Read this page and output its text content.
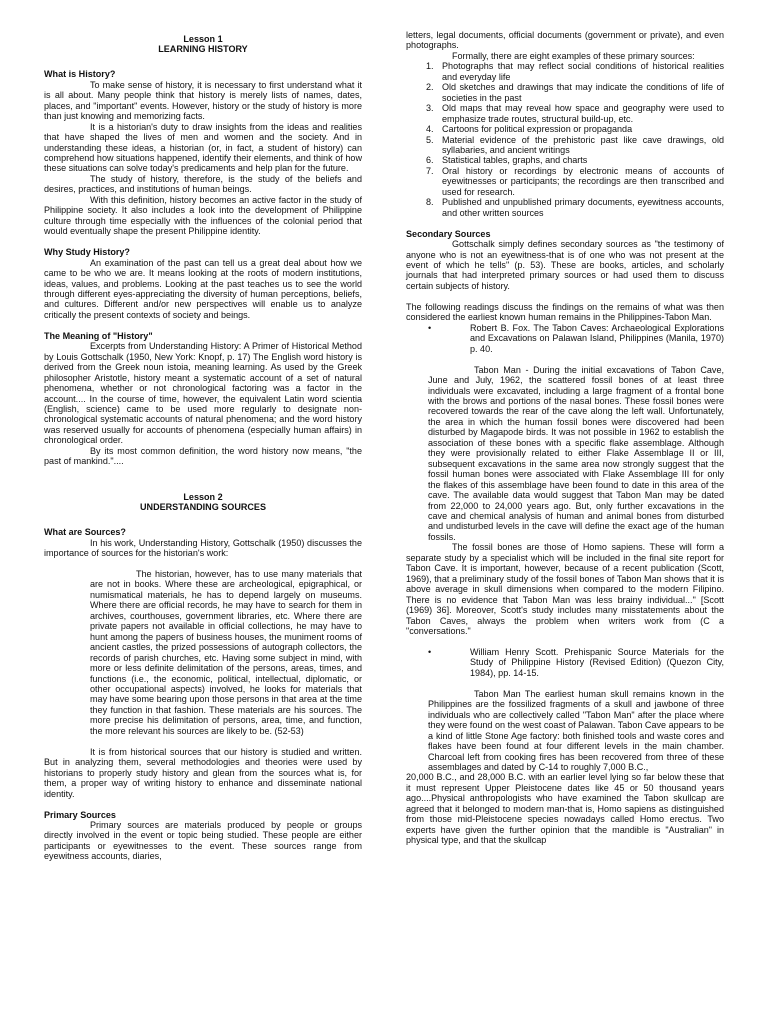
Lesson 1

LEARNING HISTORY

What is History?

To make sense of history, it is necessary to first understand what it is all about. Many people think that history is merely lists of names, dates, places, and "important" events. However, history or the study of history is more than just knowing and memorizing facts.

It is a historian's duty to draw insights from the ideas and realities that have shaped the lives of men and women and the society. And in understanding these ideas, a historian (or, in fact, a student of history) can comprehend how situations happened, identify their elements, and think of how these situations can solve today's predicaments and help plan for the future.

The study of history, therefore, is the study of the beliefs and desires, practices, and institutions of human beings.

With this definition, history becomes an active factor in the study of Philippine society. It also includes a look into the development of Philippine culture through time especially with the influences of the colonial period that would eventually shape the present Philippine identity.

Why Study History?

An examination of the past can tell us a great deal about how we came to be who we are. It means looking at the roots of modern institutions, ideas, values, and problems. Looking at the past teaches us to see the world through different eyes-appreciating the diversity of human perceptions, beliefs, and cultures. Different and/or new perspectives will enable us to analyze critically the present contexts of society and beings.

The Meaning of "History"

Excerpts from Understanding History: A Primer of Historical Method by Louis Gottschalk (1950, New York: Knopf, p. 17) The English word history is derived from the Greek noun istoia, meaning learning. As used by the Greek philosopher Aristotle, history meant a systematic account of a set of natural phenomena, whether or not chronological factoring was a factor in the account.... In the course of time, however, the equivalent Latin word scientia (English, science) came to be used more regularly to designate non-chronological systematic accounts of natural phenomena; and the word history was reserved usually for accounts of phenomena (especially human affairs) in chronological order.

By its most common definition, the word history now means, "the past of mankind."....

Lesson 2

UNDERSTANDING SOURCES

What are Sources?

In his work, Understanding History, Gottschalk (1950) discusses the importance of sources for the historian's work:

The historian, however, has to use many materials that are not in books. Where these are archeological, epigraphical, or numismatical materials, he has to depend largely on museums. Where there are official records, he may have to search for them in archives, courthouses, government libraries, etc. Where there are private papers not available in official collections, he may have to hunt among the papers of business houses, the muniment rooms of ancient castles, the prized possessions of autograph collectors, the records of parish churches, etc. Having some subject in mind, with more or less definite delimitation of the persons, areas, times, and functions (i.e., the economic, political, intellectual, diplomatic, or other occupational aspects) involved, he looks for materials that may have some bearing upon those persons in that area at the time they function in that fashion. These materials are his sources. The more precise his delimitation of persons, area, time, and function, the more relevant his sources are likely to be. (52-53)

It is from historical sources that our history is studied and written. But in analyzing them, several methodologies and theories were used by historians to properly study history and glean from the sources what is, for them, a proper way of writing history to enhance and disseminate national identity.

Primary Sources

Primary sources are materials produced by people or groups directly involved in the event or topic being studied. These people are either participants or eyewitnesses to the event. These sources range from eyewitness accounts, diaries,

letters, legal documents, official documents (government or private), and even photographs.

Formally, there are eight examples of these primary sources:

1. Photographs that may reflect social conditions of historical realities and everyday life
2. Old sketches and drawings that may indicate the conditions of life of societies in the past
3. Old maps that may reveal how space and geography were used to emphasize trade routes, structural build-up, etc.
4. Cartoons for political expression or propaganda
5. Material evidence of the prehistoric past like cave drawings, old syllabaries, and ancient writings
6. Statistical tables, graphs, and charts
7. Oral history or recordings by electronic means of accounts of eyewitnesses or participants; the recordings are then transcribed and used for research.
8. Published and unpublished primary documents, eyewitness accounts, and other written sources
Secondary Sources

Gottschalk simply defines secondary sources as "the testimony of anyone who is not an eyewitness-that is of one who was not present at the event of which he tells" (p. 53). These are books, articles, and scholarly journals that had interpreted primary sources or had used them to discuss certain subjects of history.

The following readings discuss the findings on the remains of what was then considered the earliest known human remains in the Philippines-Tabon Man.

•	Robert B. Fox. The Tabon Caves: Archaeological Explorations and Excavations on Palawan Island, Philippines (Manila, 1970) p. 40.

Tabon Man - During the initial excavations of Tabon Cave, June and July, 1962, the scattered fossil bones of at least three individuals were excavated, including a large fragment of a frontal bone with the brows and portions of the nasal bones. These fossil bones were recovered towards the rear of the cave along the left wall. Unfortunately, the area in which the human fossil bones were discovered had been disturbed by Magapode birds. It was not possible in 1962 to establish the association of these bones with a specific flake assemblage. Although they were provisionally related to either Flake Assemblage II or III, subsequent excavations in the same area now strongly suggest that the fossil human bones were associated with Flake Assemblage III for only the flakes of this assemblage have been found to date in this area of the cave. The available data would suggest that Tabon Man may be dated from 22,000 to 24,000 years ago. But, only further excavations in the cave and chemical analysis of human and animal bones from disturbed and undisturbed levels in the cave will define the exact age of the human fossils.

The fossil bones are those of Homo sapiens. These will form a separate study by a specialist which will be included in the final site report for Tabon Cave. It is important, however, because of a recent publication (Scott, 1969), that a preliminary study of the fossil bones of Tabon Man shows that it is above average in skull dimensions when compared to the modern Filipino. There is no evidence that Tabon Man was less brainy individual..." [Scott (1969) 36]. Moreover, Scott's study includes many misstatements about the Tabon Caves, always the problem when writers work from (C a "conversations."

•	William Henry Scott. Prehispanic Source Materials for the Study of Philippine History (Revised Edition) (Quezon City, 1984), pp. 14-15.

Tabon Man The earliest human skull remains known in the Philippines are the fossilized fragments of a skull and jawbone of three individuals who are collectively called "Tabon Man" after the place where they were found on the west coast of Palawan. Tabon Cave appears to be a kind of little Stone Age factory: both finished tools and waste cores and flakes have been found at four different levels in the main chamber. Charcoal left from cooking fires has been recovered from three of these assemblages and dated by C-14 to roughly 7,000 B.C.,

20,000 B.C., and 28,000 B.C. with an earlier level lying so far below these that it must represent Upper Pleistocene dates like 45 or 50 thousand years ago....Physical anthropologists who have examined the Tabon skullcap are agreed that it belonged to modern man-that is, Homo sapiens as distinguished from those mid-Pleistocene species nowadays called Homo erectus. Two experts have given the further opinion that the mandible is "Australian" in physical type, and that the skullcap
